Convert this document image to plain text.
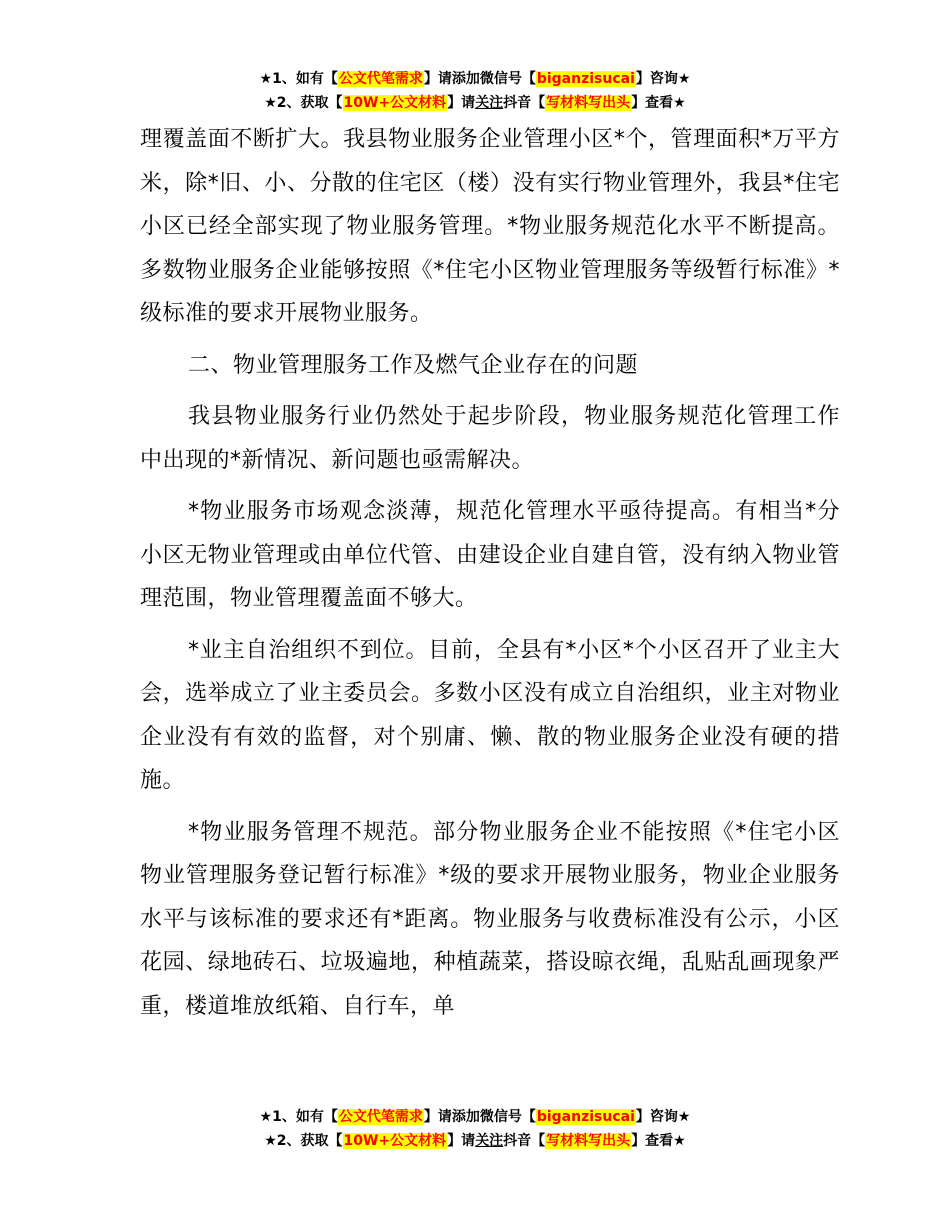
★1、如有【公文代笔需求】请添加微信号【biganzisucai】咨询★
★2、获取【10W+公文材料】请关注抖音【写材料写出头】查看★

理覆盖面不断扩大。我县物业服务企业管理小区*个，管理面积*万平方米，除*旧、小、分散的住宅区（楼）没有实行物业管理外，我县*住宅小区已经全部实现了物业服务管理。*物业服务规范化水平不断提高。多数物业服务企业能够按照《*住宅小区物业管理服务等级暂行标准》*级标准的要求开展物业服务。

二、物业管理服务工作及燃气企业存在的问题

我县物业服务行业仍然处于起步阶段，物业服务规范化管理工作中出现的*新情况、新问题也亟需解决。

*物业服务市场观念淡薄，规范化管理水平亟待提高。有相当*分小区无物业管理或由单位代管、由建设企业自建自管，没有纳入物业管理范围，物业管理覆盖面不够大。

*业主自治组织不到位。目前，全县有*小区*个小区召开了业主大会，选举成立了业主委员会。多数小区没有成立自治组织，业主对物业企业没有有效的监督，对个别庸、懒、散的物业服务企业没有硬的措施。

*物业服务管理不规范。部分物业服务企业不能按照《*住宅小区物业管理服务登记暂行标准》*级的要求开展物业服务，物业企业服务水平与该标准的要求还有*距离。物业服务与收费标准没有公示，小区花园、绿地砖石、垃圾遍地，种植蔬菜，搭设晾衣绳，乱贴乱画现象严重，楼道堆放纸箱、自行车，单

★1、如有【公文代笔需求】请添加微信号【biganzisucai】咨询★
★2、获取【10W+公文材料】请关注抖音【写材料写出头】查看★
